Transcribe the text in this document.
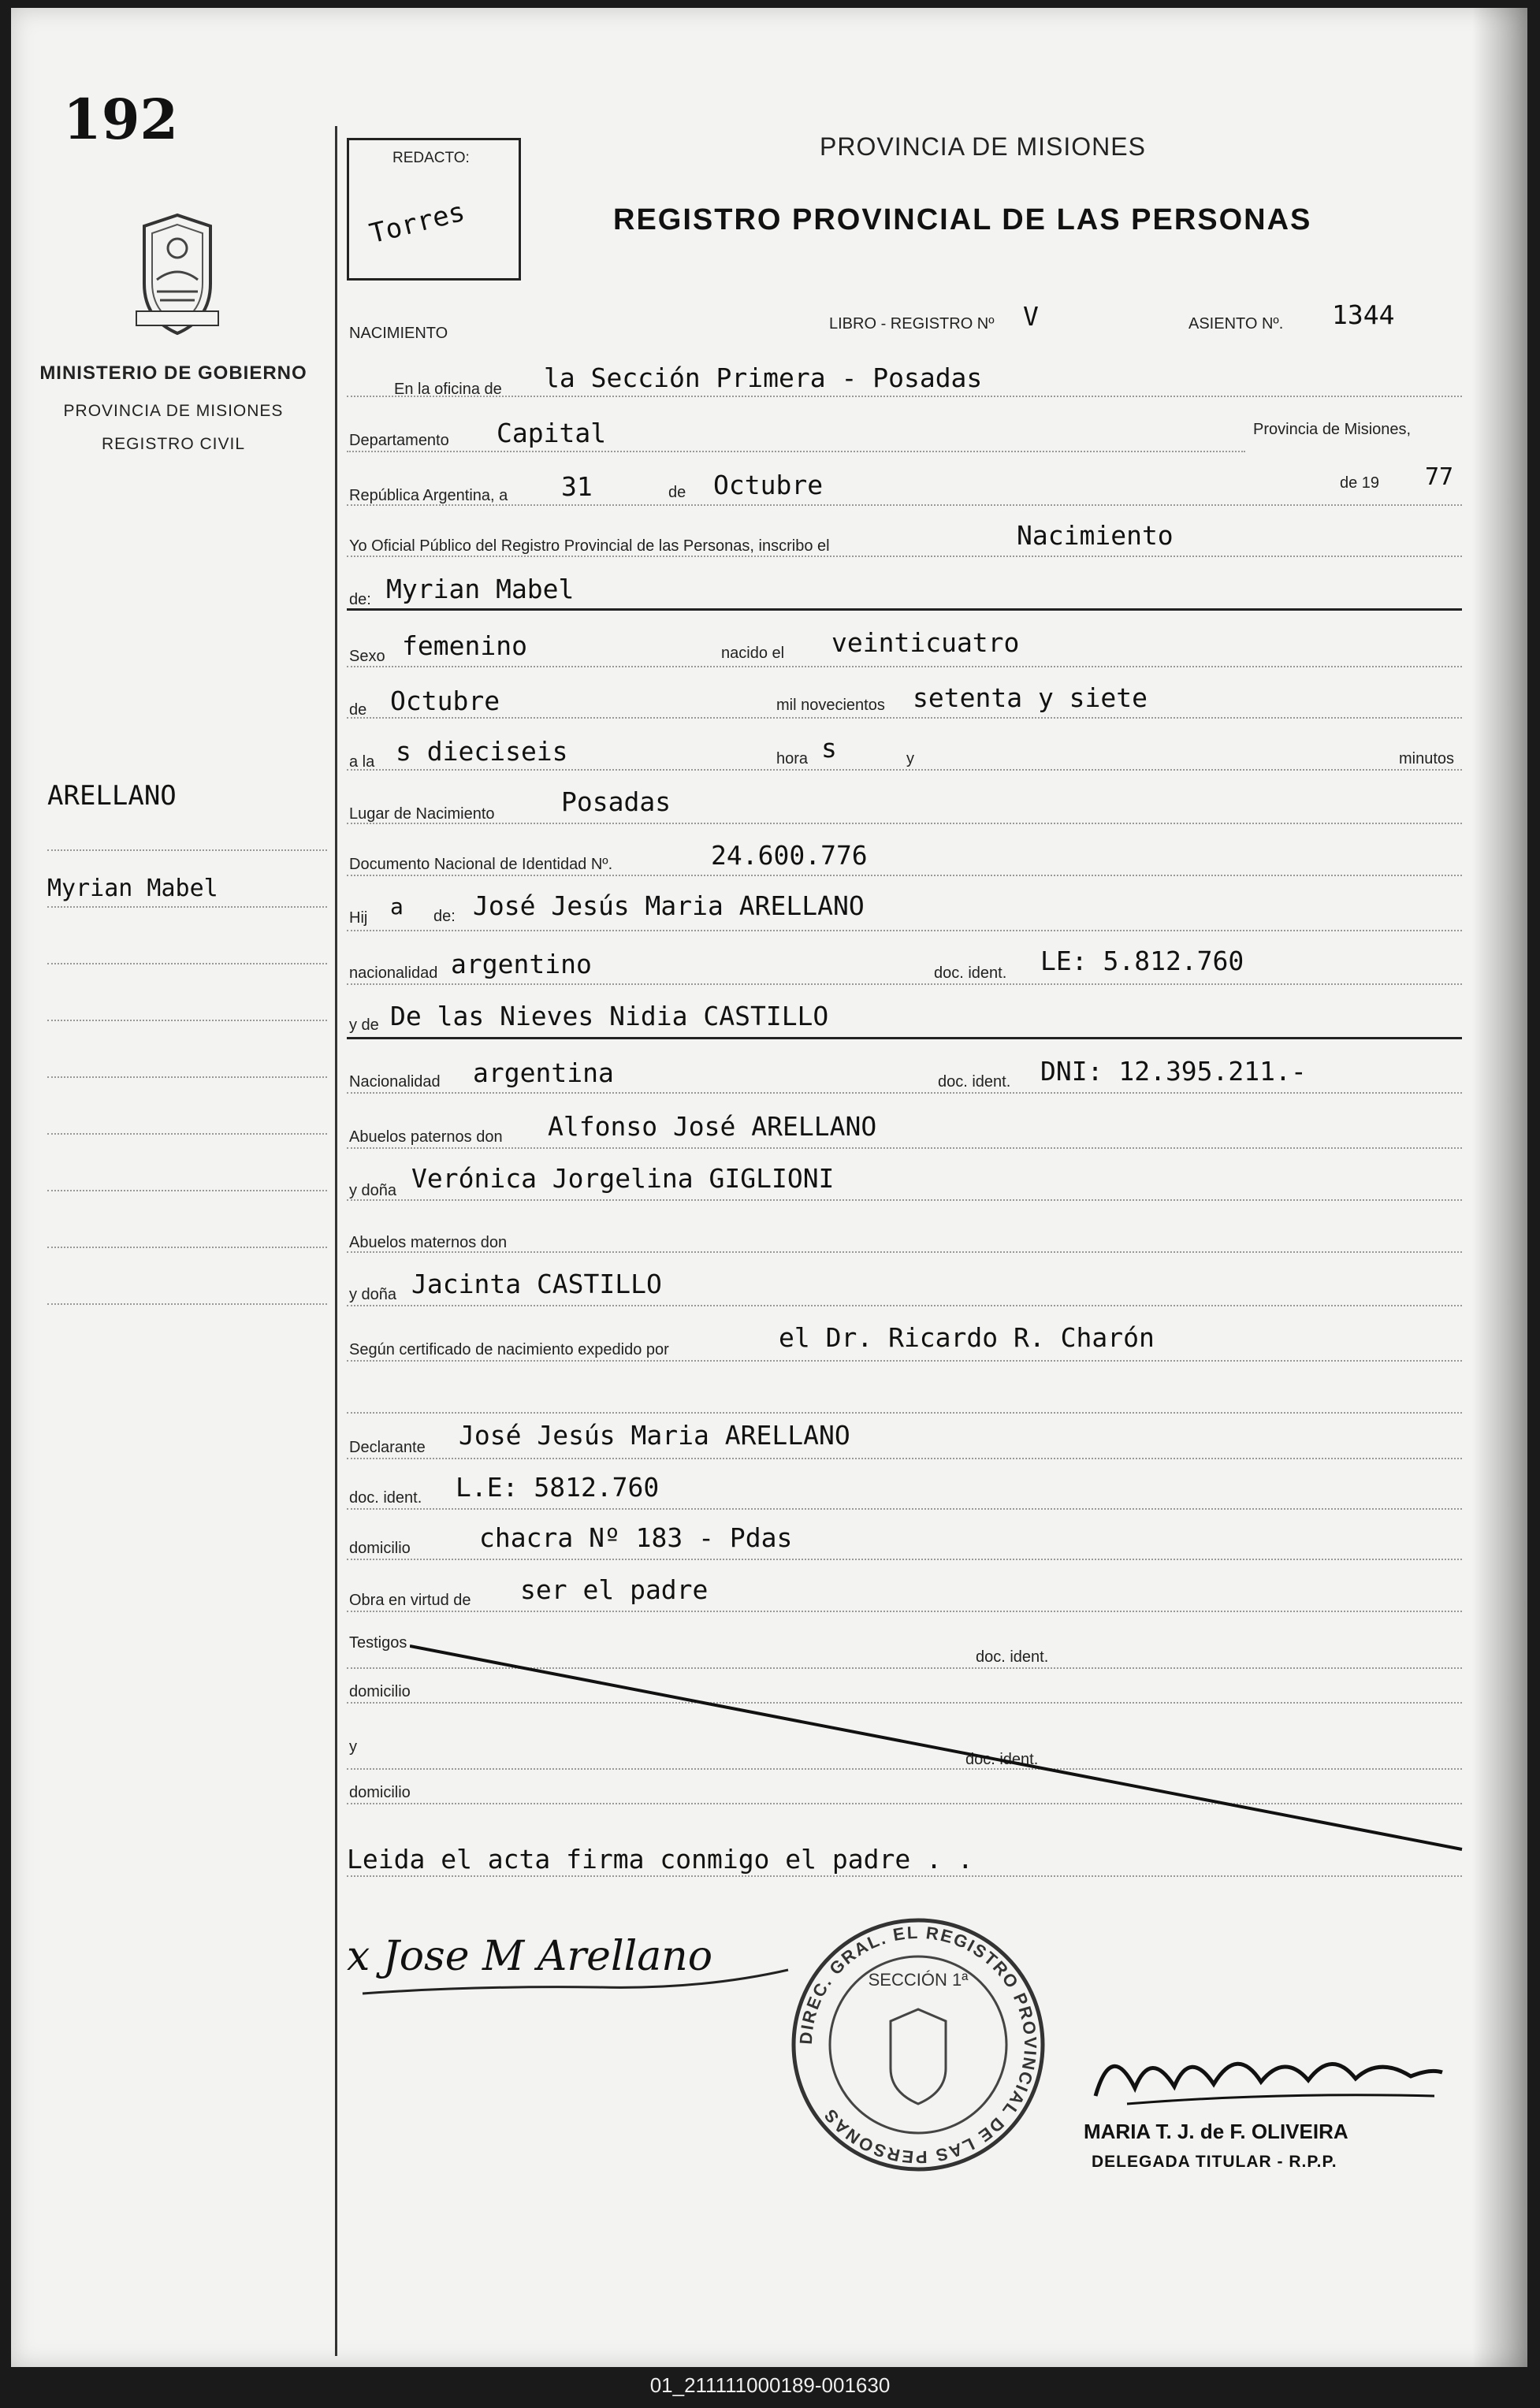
192
MINISTERIO DE GOBIERNO
PROVINCIA DE MISIONES
REGISTRO CIVIL
ARELLANO
Myrian Mabel
REDACTO:
Torres
PROVINCIA DE MISIONES
REGISTRO PROVINCIAL DE LAS PERSONAS
NACIMIENTO
LIBRO - REGISTRO Nº V	ASIENTO Nº. 1344
En la oficina de la Sección Primera - Posadas
Departamento Capital	Provincia de Misiones,
República Argentina, a 31	de Octubre	de 19 77
Yo Oficial Público del Registro Provincial de las Personas, inscribo el	Nacimiento
de: Myrian Mabel
Sexo femenino	nacido el veinticuatro
de Octubre	mil novecientos setenta y siete
a la s dieciseis	hora s	y	minutos
Lugar de Nacimiento	Posadas
Documento Nacional de Identidad Nº.	24.600.776
Hij a de: José Jesús Maria ARELLANO
nacionalidad argentino	doc. ident. LE: 5.812.760
y de De las Nieves Nidia CASTILLO
Nacionalidad argentina	doc. ident. DNI: 12.395.211.-
Abuelos paternos don Alfonso José ARELLANO
y doña Verónica Jorgelina GIGLIONI
Abuelos maternos don
y doña Jacinta CASTILLO
Según certificado de nacimiento expedido por	el Dr. Ricardo R. Charón
Declarante José Jesús Maria ARELLANO
doc. ident. L.E: 5812.760
domicilio	chacra Nº 183 - Pdas
Obra en virtud de ser el padre
Testigos
doc. ident.
domicilio
y
doc. ident.
domicilio
Leida el acta firma conmigo el padre . .
x Jose M Arellano
DIREC. GRAL. EL REGISTRO PROVINCIAL DE LAS PERSONAS
SECCIÓN 1ª
MARIA T. J. de F. OLIVEIRA
DELEGADA TITULAR - R.P.P.
01_211111000189-001630
